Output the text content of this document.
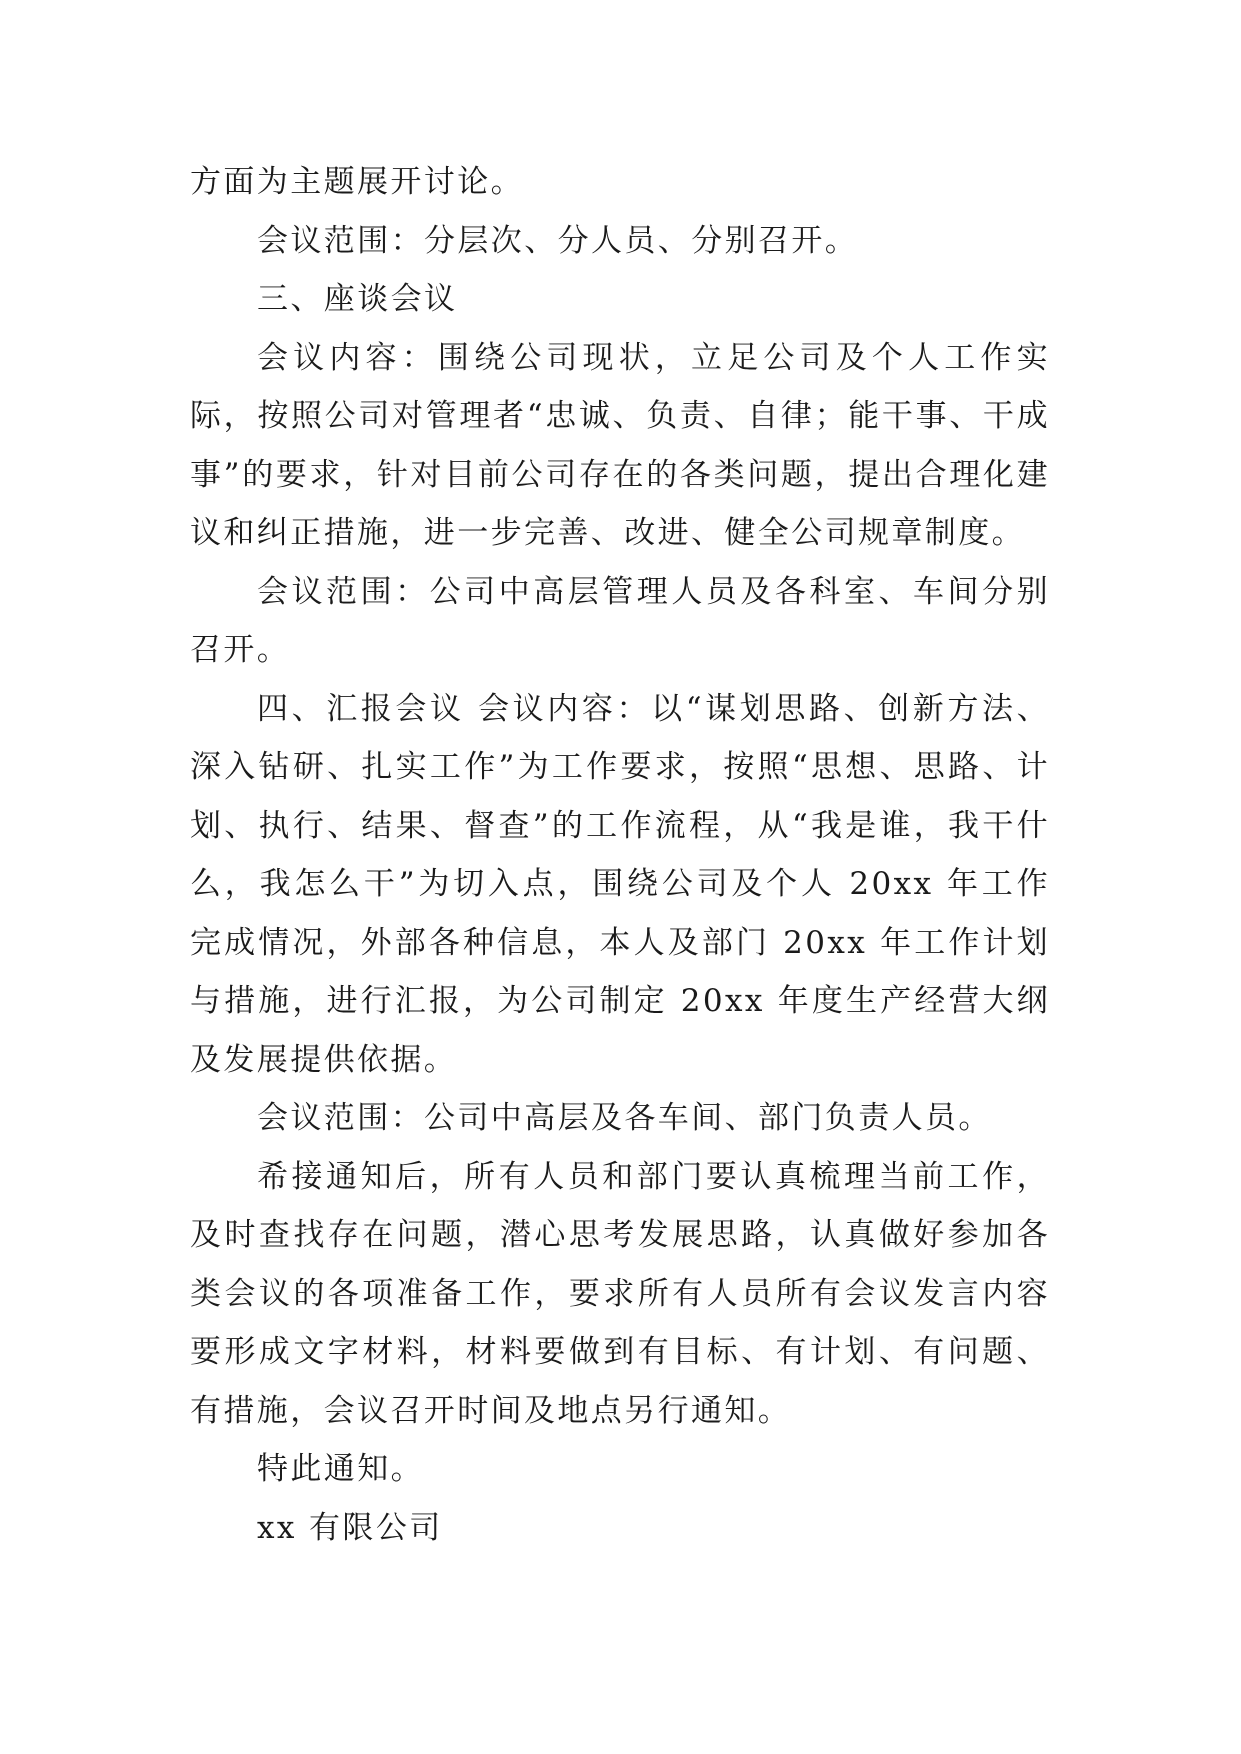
方面为主题展开讨论。

会议范围：分层次、分人员、分别召开。

三、座谈会议

会议内容：围绕公司现状，立足公司及个人工作实际，按照公司对管理者“忠诚、负责、自律；能干事、干成事”的要求，针对目前公司存在的各类问题，提出合理化建议和纠正措施，进一步完善、改进、健全公司规章制度。

会议范围：公司中高层管理人员及各科室、车间分别召开。

四、汇报会议 会议内容：以“谋划思路、创新方法、深入钻研、扎实工作”为工作要求，按照“思想、思路、计划、执行、结果、督查”的工作流程，从“我是谁，我干什么，我怎么干”为切入点，围绕公司及个人 20xx 年工作完成情况，外部各种信息，本人及部门 20xx 年工作计划与措施，进行汇报，为公司制定 20xx 年度生产经营大纲及发展提供依据。

会议范围：公司中高层及各车间、部门负责人员。

希接通知后，所有人员和部门要认真梳理当前工作，及时查找存在问题，潜心思考发展思路，认真做好参加各类会议的各项准备工作，要求所有人员所有会议发言内容要形成文字材料，材料要做到有目标、有计划、有问题、有措施，会议召开时间及地点另行通知。

特此通知。

xx 有限公司
